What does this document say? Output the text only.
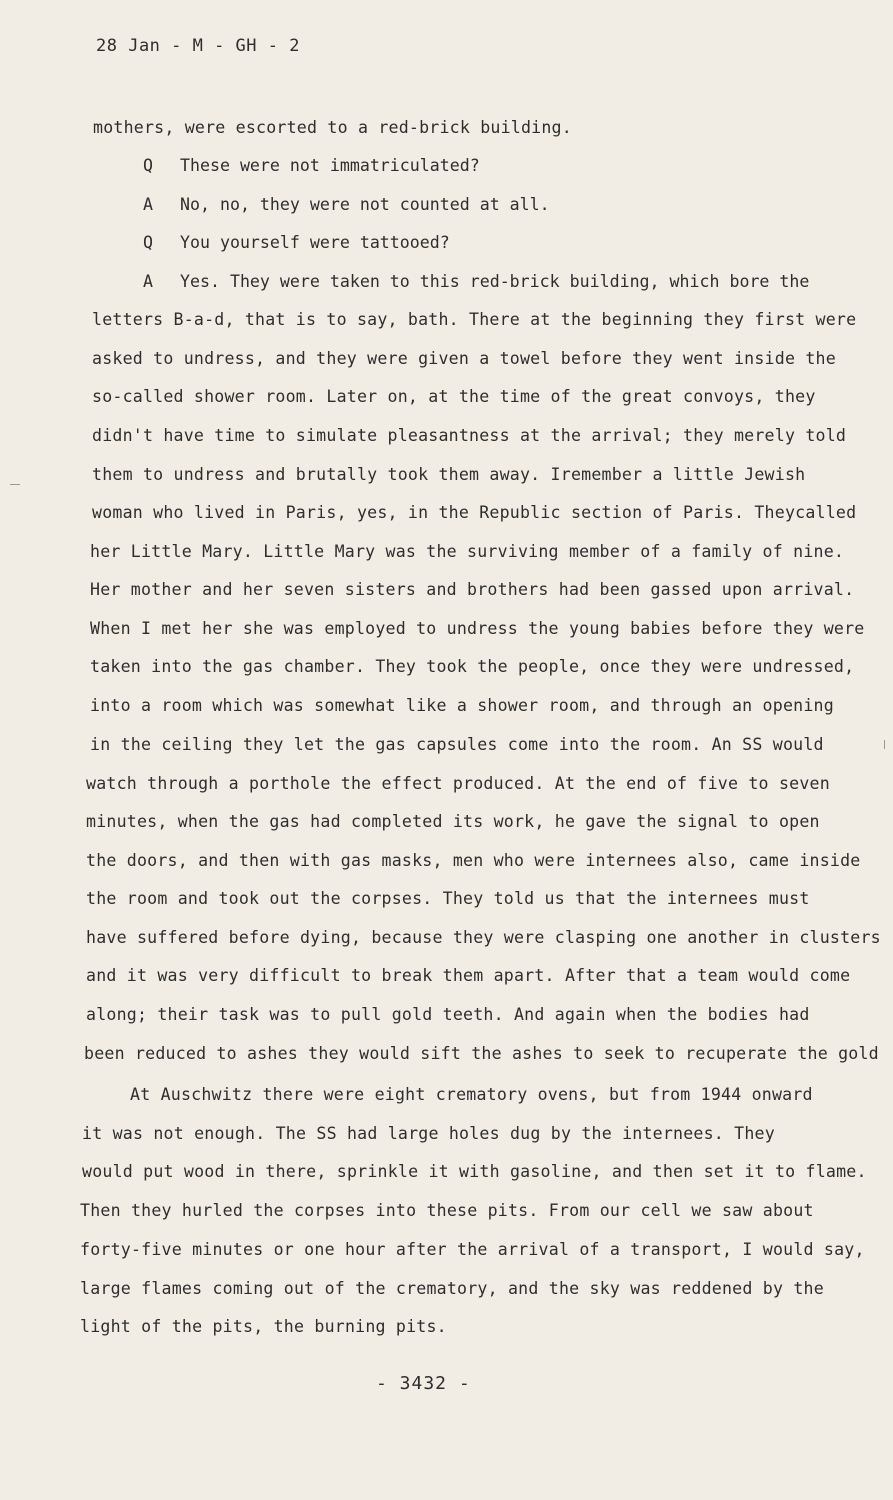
28 Jan - M - GH - 2
mothers, were escorted to a red-brick building.
Q These were not immatriculated?
A No, no, they were not counted at all.
Q You yourself were tattooed?
A Yes. They were taken to this red-brick building, which bore the
letters B-a-d, that is to say, bath. There at the beginning they first were
asked to undress, and they were given a towel before they went inside the
so-called shower room. Later on, at the time of the great convoys, they
didn't have time to simulate pleasantness at the arrival; they merely told
them to undress and brutally took them away. Iremember a little Jewish
woman who lived in Paris, yes, in the Republic section of Paris. Theycalled
her Little Mary. Little Mary was the surviving member of a family of nine.
Her mother and her seven sisters and brothers had been gassed upon arrival.
When I met her she was employed to undress the young babies before they were
taken into the gas chamber. They took the people, once they were undressed,
into a room which was somewhat like a shower room, and through an opening
in the ceiling they let the gas capsules come into the room. An SS would
watch through a porthole the effect produced. At the end of five to seven
minutes, when the gas had completed its work, he gave the signal to open
the doors, and then with gas masks, men who were internees also, came inside
the room and took out the corpses. They told us that the internees must
have suffered before dying, because they were clasping one another in clusters
and it was very difficult to break them apart. After that a team would come
along; their task was to pull gold teeth. And again when the bodies had
been reduced to ashes they would sift the ashes to seek to recuperate the gold
At Auschwitz there were eight crematory ovens, but from 1944 onward
it was not enough. The SS had large holes dug by the internees. They
would put wood in there, sprinkle it with gasoline, and then set it to flame.
Then they hurled the corpses into these pits. From our cell we saw about
forty-five minutes or one hour after the arrival of a transport, I would say,
large flames coming out of the crematory, and the sky was reddened by the
light of the pits, the burning pits.
- 3432 -
